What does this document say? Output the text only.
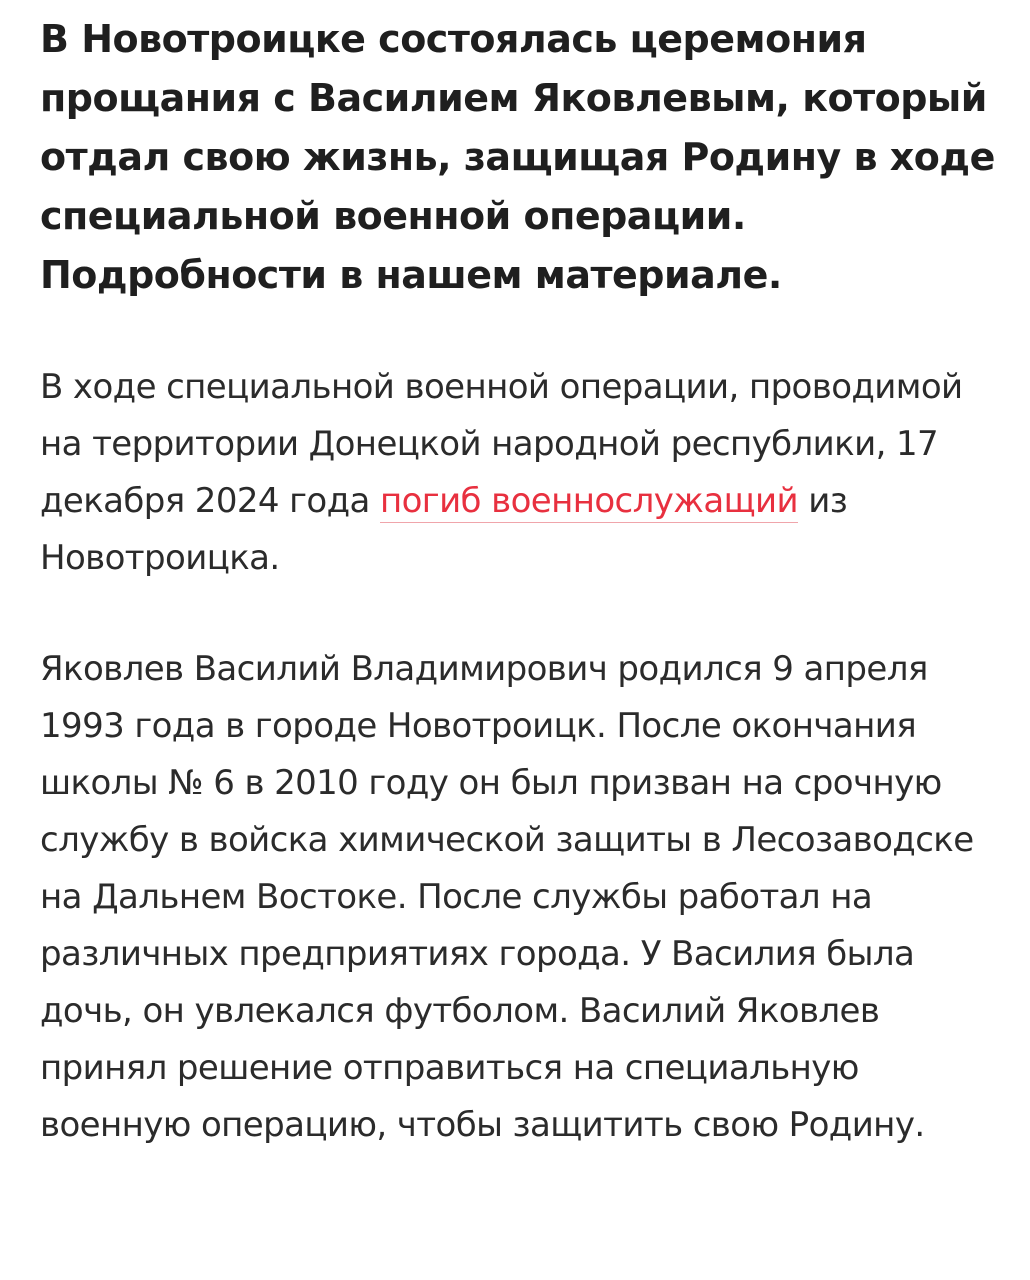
В Новотроицке состоялась церемония прощания с Василием Яковлевым, который отдал свою жизнь, защищая Родину в ходе специальной военной операции. Подробности в нашем материале.

В ходе специальной военной операции, проводимой на территории Донецкой народной республики, 17 декабря 2024 года погиб военнослужащий из Новотроицка.

Яковлев Василий Владимирович родился 9 апреля 1993 года в городе Новотроицк. После окончания школы № 6 в 2010 году он был призван на срочную службу в войска химической защиты в Лесозаводске на Дальнем Востоке. После службы работал на различных предприятиях города. У Василия была дочь, он увлекался футболом. Василий Яковлев принял решение отправиться на специальную военную операцию, чтобы защитить свою Родину.
